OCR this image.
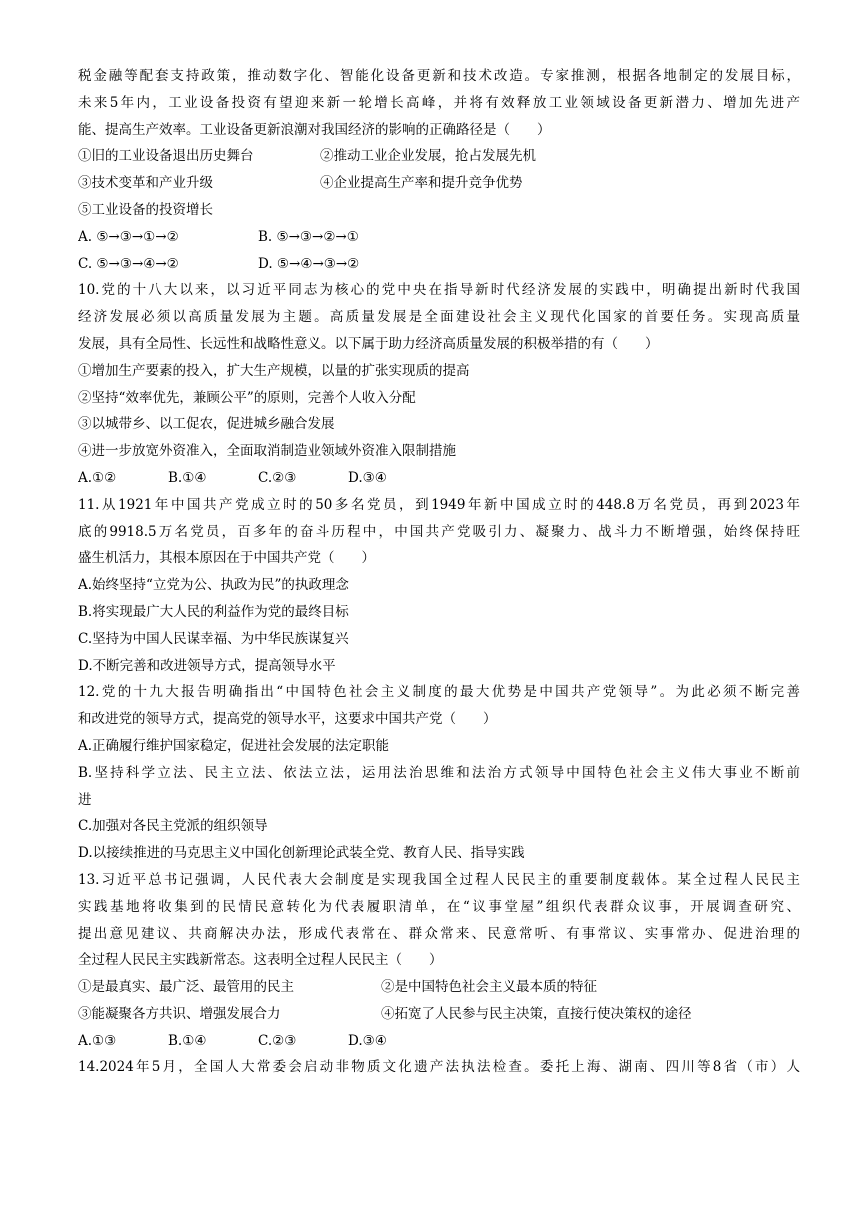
税金融等配套支持政策，推动数字化、智能化设备更新和技术改造。专家推测，根据各地制定的发展目标，
未来5年内，工业设备投资有望迎来新一轮增长高峰，并将有效释放工业领域设备更新潜力、增加先进产
能、提高生产效率。工业设备更新浪潮对我国经济的影响的正确路径是（　　）
①旧的工业设备退出历史舞台	②推动工业企业发展，抢占发展先机
③技术变革和产业升级	④企业提高生产率和提升竞争优势
⑤工业设备的投资增长
A. ⑤→③→①→②	B. ⑤→③→②→①
C. ⑤→③→④→②	D. ⑤→④→③→②
10.党的十八大以来，以习近平同志为核心的党中央在指导新时代经济发展的实践中，明确提出新时代我国
经济发展必须以高质量发展为主题。高质量发展是全面建设社会主义现代化国家的首要任务。实现高质量
发展，具有全局性、长远性和战略性意义。以下属于助力经济高质量发展的积极举措的有（　　）
①增加生产要素的投入，扩大生产规模，以量的扩张实现质的提高
②坚持“效率优先，兼顾公平”的原则，完善个人收入分配
③以城带乡、以工促农，促进城乡融合发展
④进一步放宽外资准入，全面取消制造业领域外资准入限制措施
A.①②	B.①④	C.②③	D.③④
11.从1921年中国共产党成立时的50多名党员，到1949年新中国成立时的448.8万名党员，再到2023年
底的9918.5万名党员，百多年的奋斗历程中，中国共产党吸引力、凝聚力、战斗力不断增强，始终保持旺
盛生机活力，其根本原因在于中国共产党（　　）
A.始终坚持“立党为公、执政为民”的执政理念
B.将实现最广大人民的利益作为党的最终目标
C.坚持为中国人民谋幸福、为中华民族谋复兴
D.不断完善和改进领导方式，提高领导水平
12.党的十九大报告明确指出“中国特色社会主义制度的最大优势是中国共产党领导”。为此必须不断完善
和改进党的领导方式，提高党的领导水平，这要求中国共产党（　　）
A.正确履行维护国家稳定，促进社会发展的法定职能
B.坚持科学立法、民主立法、依法立法，运用法治思维和法治方式领导中国特色社会主义伟大事业不断前
进
C.加强对各民主党派的组织领导
D.以接续推进的马克思主义中国化创新理论武装全党、教育人民、指导实践
13.习近平总书记强调，人民代表大会制度是实现我国全过程人民民主的重要制度载体。某全过程人民民主
实践基地将收集到的民情民意转化为代表履职清单，在“议事堂屋”组织代表群众议事，开展调查研究、
提出意见建议、共商解决办法，形成代表常在、群众常来、民意常听、有事常议、实事常办、促进治理的
全过程人民民主实践新常态。这表明全过程人民民主（　　）
①是最真实、最广泛、最管用的民主	②是中国特色社会主义最本质的特征
③能凝聚各方共识、增强发展合力	④拓宽了人民参与民主决策，直接行使决策权的途径
A.①③	B.①④	C.②③	D.③④
14.2024年5月，全国人大常委会启动非物质文化遗产法执法检查。委托上海、湖南、四川等8省（市）人
